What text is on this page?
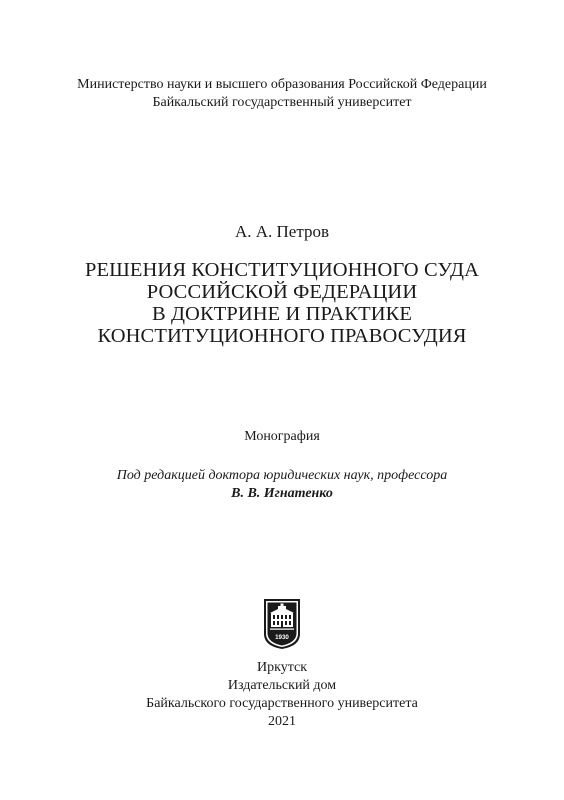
Министерство науки и высшего образования Российской Федерации
Байкальский государственный университет
А. А. Петров
РЕШЕНИЯ КОНСТИТУЦИОННОГО СУДА
РОССИЙСКОЙ ФЕДЕРАЦИИ
В ДОКТРИНЕ И ПРАКТИКЕ
КОНСТИТУЦИОННОГО ПРАВОСУДИЯ
Монография
Под редакцией доктора юридических наук, профессора
В. В. Игнатенко
1930
Иркутск
Издательский дом
Байкальского государственного университета
2021
